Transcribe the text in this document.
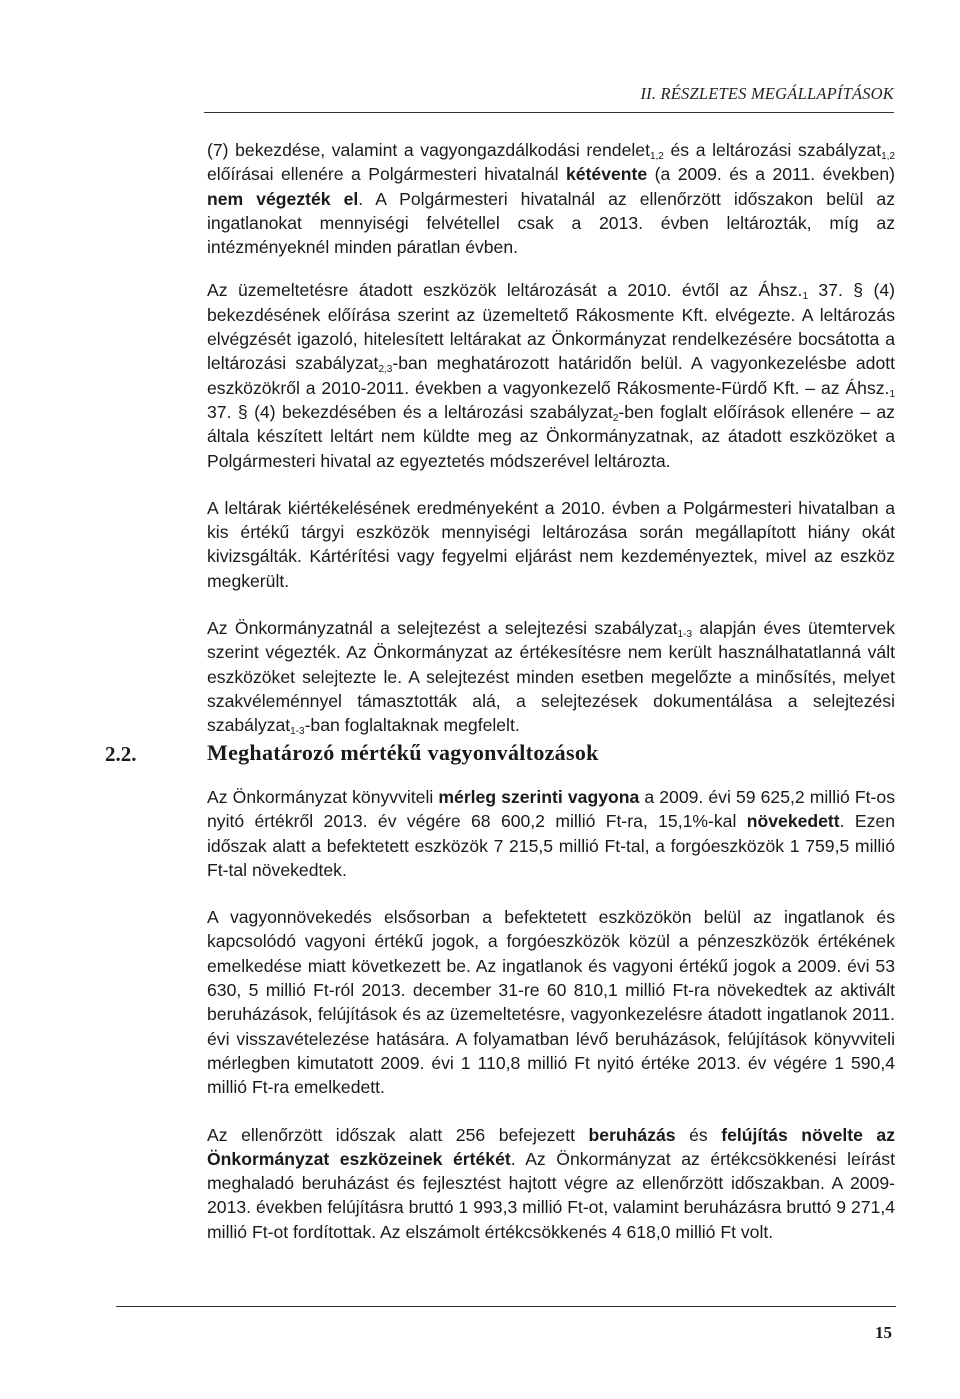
II. RÉSZLETES MEGÁLLAPÍTÁSOK

(7) bekezdése, valamint a vagyongazdálkodási rendelet$_{1,2}$ és a leltározási szabályzat$_{1,2}$ előírásai ellenére a Polgármesteri hivatalnál kétévente (a 2009. és a 2011. években) nem végezték el. A Polgármesteri hivatalnál az ellenőrzött időszakon belül az ingatlanokat mennyiségi felvétellel csak a 2013. évben leltározták, míg az intézményeknél minden páratlan évben.

Az üzemeltetésre átadott eszközök leltározását a 2010. évtől az $Áhsz._1$ 37. § (4) bekezdésének előírása szerint az üzemeltető Rákosmente Kft. elvégezte. A leltározás elvégzését igazoló, hitelesített leltárakat az Önkormányzat rendelkezésére bocsátotta a leltározási szabályzat$_{2,3}$-ban meghatározott határidőn belül. A vagyonkezelésbe adott eszközökről a 2010-2011. években a vagyonkezelő Rákosmente-Fürdő Kft. – az $Áhsz._1$ 37. § (4) bekezdésében és a leltározási szabályzat$_2$-ben foglalt előírások ellenére – az általa készített leltárt nem küldte meg az Önkormányzatnak, az átadott eszközöket a Polgármesteri hivatal az egyeztetés módszerével leltározta.

A leltárak kiértékelésének eredményeként a 2010. évben a Polgármesteri hivatalban a kis értékű tárgyi eszközök mennyiségi leltározása során megállapított hiány okát kivizsgálták. Kártérítési vagy fegyelmi eljárást nem kezdeményeztek, mivel az eszköz megkerült.

Az Önkormányzatnál a selejtezést a selejtezési szabályzat$_{1-3}$ alapján éves ütemtervek szerint végezték. Az Önkormányzat az értékesítésre nem került használhatatlanná vált eszközöket selejtezte le. A selejtezést minden esetben megelőzte a minősítés, melyet szakvéleménnyel támasztották alá, a selejtezések dokumentálása a selejtezési szabályzat$_{1-3}$-ban foglaltaknak megfelelt.

2.2.	Meghatározó mértékű vagyonváltozások

Az Önkormányzat könyvviteli mérleg szerinti vagyona a 2009. évi 59 625,2 millió Ft-os nyitó értékről 2013. év végére 68 600,2 millió Ft-ra, 15,1%-kal növekedett. Ezen időszak alatt a befektetett eszközök 7 215,5 millió Ft-tal, a forgóeszközök 1 759,5 millió Ft-tal növekedtek.

A vagyonnövekedés elsősorban a befektetett eszközökön belül az ingatlanok és kapcsolódó vagyoni értékű jogok, a forgóeszközök közül a pénzeszközök értékének emelkedése miatt következett be. Az ingatlanok és vagyoni értékű jogok a 2009. évi 53 630, 5 millió Ft-ról 2013. december 31-re 60 810,1 millió Ft-ra növekedtek az aktivált beruházások, felújítások és az üzemeltetésre, vagyonkezelésre átadott ingatlanok 2011. évi visszavételezése hatására. A folyamatban lévő beruházások, felújítások könyvviteli mérlegben kimutatott 2009. évi 1 110,8 millió Ft nyitó értéke 2013. év végére 1 590,4 millió Ft-ra emelkedett.

Az ellenőrzött időszak alatt 256 befejezett beruházás és felújítás növelte az Önkormányzat eszközeinek értékét. Az Önkormányzat az értékcsökkenési leírást meghaladó beruházást és fejlesztést hajtott végre az ellenőrzött időszakban. A 2009-2013. években felújításra bruttó 1 993,3 millió Ft-ot, valamint beruházásra bruttó 9 271,4 millió Ft-ot fordítottak. Az elszámolt értékcsökkenés 4 618,0 millió Ft volt.

15
